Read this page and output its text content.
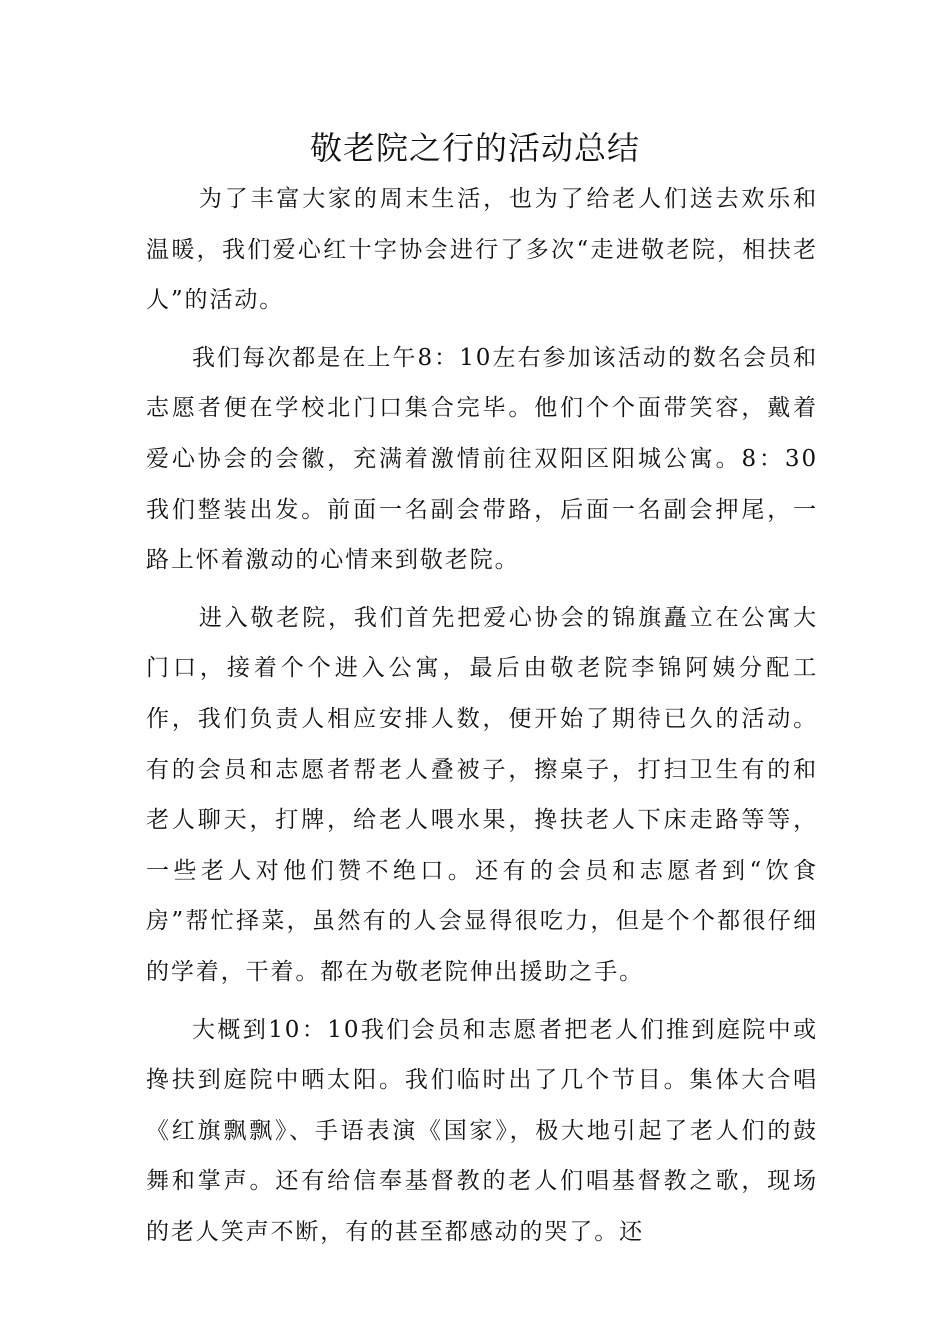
敬老院之行的活动总结

为了丰富大家的周末生活，也为了给老人们送去欢乐和温暖，我们爱心红十字协会进行了多次“走进敬老院，相扶老人”的活动。

我们每次都是在上午8：10左右参加该活动的数名会员和志愿者便在学校北门口集合完毕。他们个个面带笑容，戴着爱心协会的会徽，充满着激情前往双阳区阳城公寓。8：30我们整装出发。前面一名副会带路，后面一名副会押尾，一路上怀着激动的心情来到敬老院。

进入敬老院，我们首先把爱心协会的锦旗矗立在公寓大门口，接着个个进入公寓，最后由敬老院李锦阿姨分配工作，我们负责人相应安排人数，便开始了期待已久的活动。有的会员和志愿者帮老人叠被子，擦桌子，打扫卫生有的和老人聊天，打牌，给老人喂水果，搀扶老人下床走路等等，一些老人对他们赞不绝口。还有的会员和志愿者到“饮食房”帮忙择菜，虽然有的人会显得很吃力，但是个个都很仔细的学着，干着。都在为敬老院伸出援助之手。

大概到10：10我们会员和志愿者把老人们推到庭院中或搀扶到庭院中晒太阳。我们临时出了几个节目。集体大合唱《红旗飘飘》、手语表演《国家》，极大地引起了老人们的鼓舞和掌声。还有给信奉基督教的老人们唱基督教之歌，现场的老人笑声不断，有的甚至都感动的哭了。还
